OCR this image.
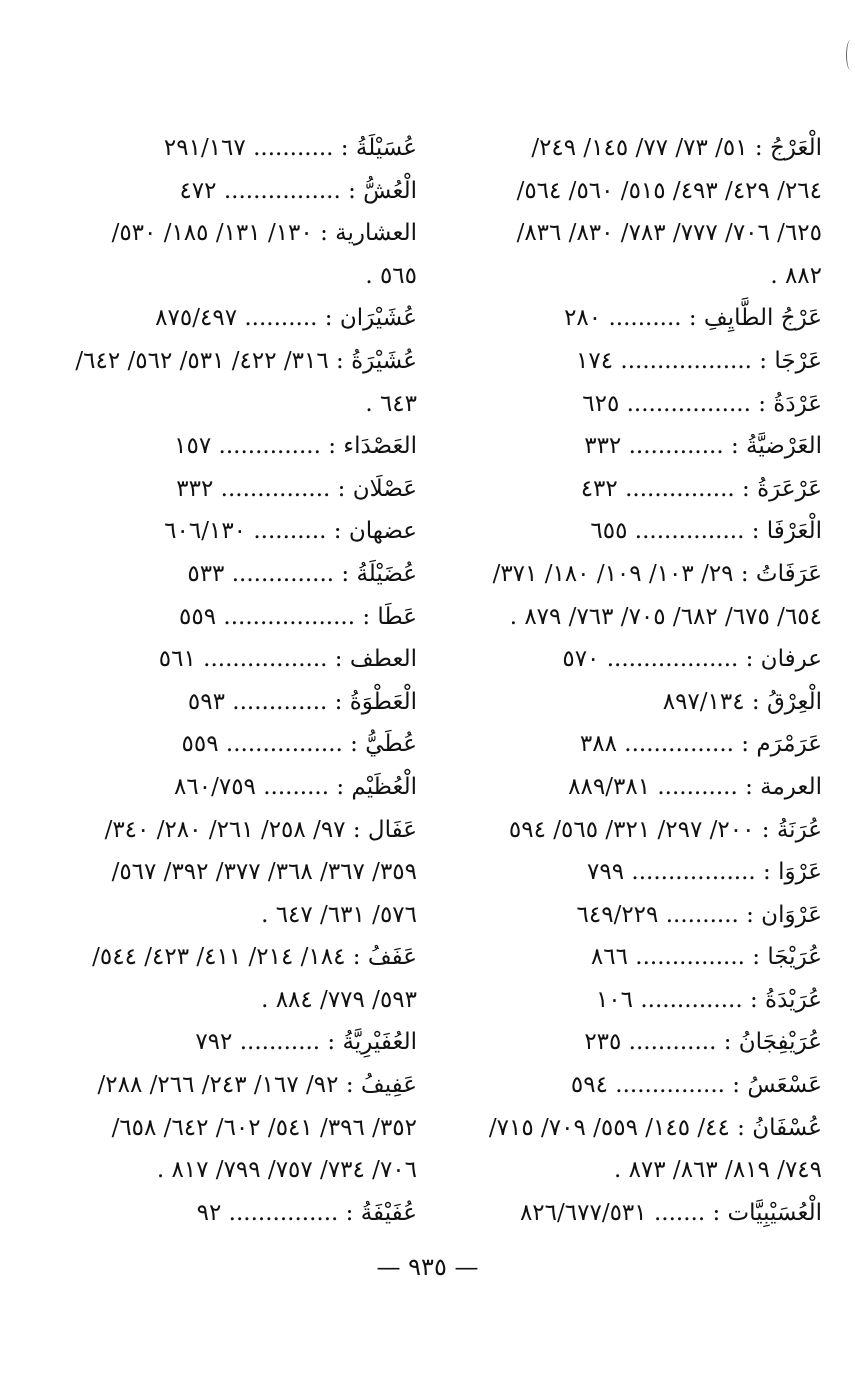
الْعَرْجُ : ٥١/ ٧٣/ ٧٧/ ١٤٥/ ٢٤٩/
٢٦٤/ ٤٢٩/ ٤٩٣/ ٥١٥/ ٥٦٠/ ٥٦٤/
٦٢٥/ ٧٠٦/ ٧٧٧/ ٧٨٣/ ٨٣٠/ ٨٣٦/
٨٨٢ .
عَرْجُ الطَّايِفِ : .......... ٢٨٠
عَرْجَا : .................. ١٧٤
عَرْدَةُ : ................. ٦٢٥
العَرْضيَّةُ : ............. ٣٣٢
عَرْعَرَةُ : ............... ٤٣٢
الْعَرْفَا : ............... ٦٥٥
عَرَفَاتُ : ٢٩/ ١٠٣/ ١٠٩/ ١٨٠/ ٣٧١/
٦٥٤/ ٦٧٥/ ٦٨٢/ ٧٠٥/ ٧٦٣/ ٨٧٩ .
عرفان : .................. ٥٧٠
الْعِرْقُ : ٨٩٧/١٣٤
عَرَمْرَم : ............... ٣٨٨
العرمة : ........... ٨٨٩/٣٨١
عُرَنَةُ : ٢٠٠/ ٢٩٧/ ٣٢١/ ٥٦٥/ ٥٩٤
عَرْوَا : ................. ٧٩٩
عَرْوَان : .......... ٦٤٩/٢٢٩
عُرَيْجَا : ............... ٨٦٦
عُرَيْدَةُ : .............. ١٠٦
عُرَيْفِجَانُ : ............ ٢٣٥
عَسْعَسُ : ............... ٥٩٤
عُسْفَانُ : ٤٤/ ١٤٥/ ٥٥٩/ ٧٠٩/ ٧١٥/
٧٤٩/ ٨١٩/ ٨٦٣/ ٨٧٣ .
الْعُسَيْبِيَّات : ....... ٨٢٦/٦٧٧/٥٣١
عُسَيْلَةُ : ........... ٢٩١/١٦٧
الْعُشُّ : ................ ٤٧٢
العشارية : ١٣٠/ ١٣١/ ١٨٥/ ٥٣٠/
٥٦٥ .
عُشَيْرَان : .......... ٨٧٥/٤٩٧
عُشَيْرَةُ : ٣١٦/ ٤٢٢/ ٥٣١/ ٥٦٢/ ٦٤٢/
٦٤٣ .
العَصْدَاء : .............. ١٥٧
عَصْلَان : ............... ٣٣٢
عضهان : .......... ٦٠٦/١٣٠
عُضَيْلَةُ : .............. ٥٣٣
عَطَا : .................. ٥٥٩
العطف : ................. ٥٦١
الْعَطْوَةُ : ............. ٥٩٣
عُطَيُّ : ................ ٥٥٩
الْعُظَيْم : ......... ٨٦٠/٧٥٩
عَفَال : ٩٧/ ٢٥٨/ ٢٦١/ ٢٨٠/ ٣٤٠/
٣٥٩/ ٣٦٧/ ٣٦٨/ ٣٧٧/ ٣٩٢/ ٥٦٧/
٥٧٦/ ٦٣١/ ٦٤٧ .
عَفَفُ : ١٨٤/ ٢١٤/ ٤١١/ ٤٢٣/ ٥٤٤/
٥٩٣/ ٧٧٩/ ٨٨٤ .
العُفَيْرِيَّةُ : ........... ٧٩٢
عَفِيفُ : ٩٢/ ١٦٧/ ٢٤٣/ ٢٦٦/ ٢٨٨/
٣٥٢/ ٣٩٦/ ٥٤١/ ٦٠٢/ ٦٤٢/ ٦٥٨/
٧٠٦/ ٧٣٤/ ٧٥٧/ ٧٩٩/ ٨١٧ .
عُفَيْفَةُ : ............... ٩٢
— ٩٣٥ —
